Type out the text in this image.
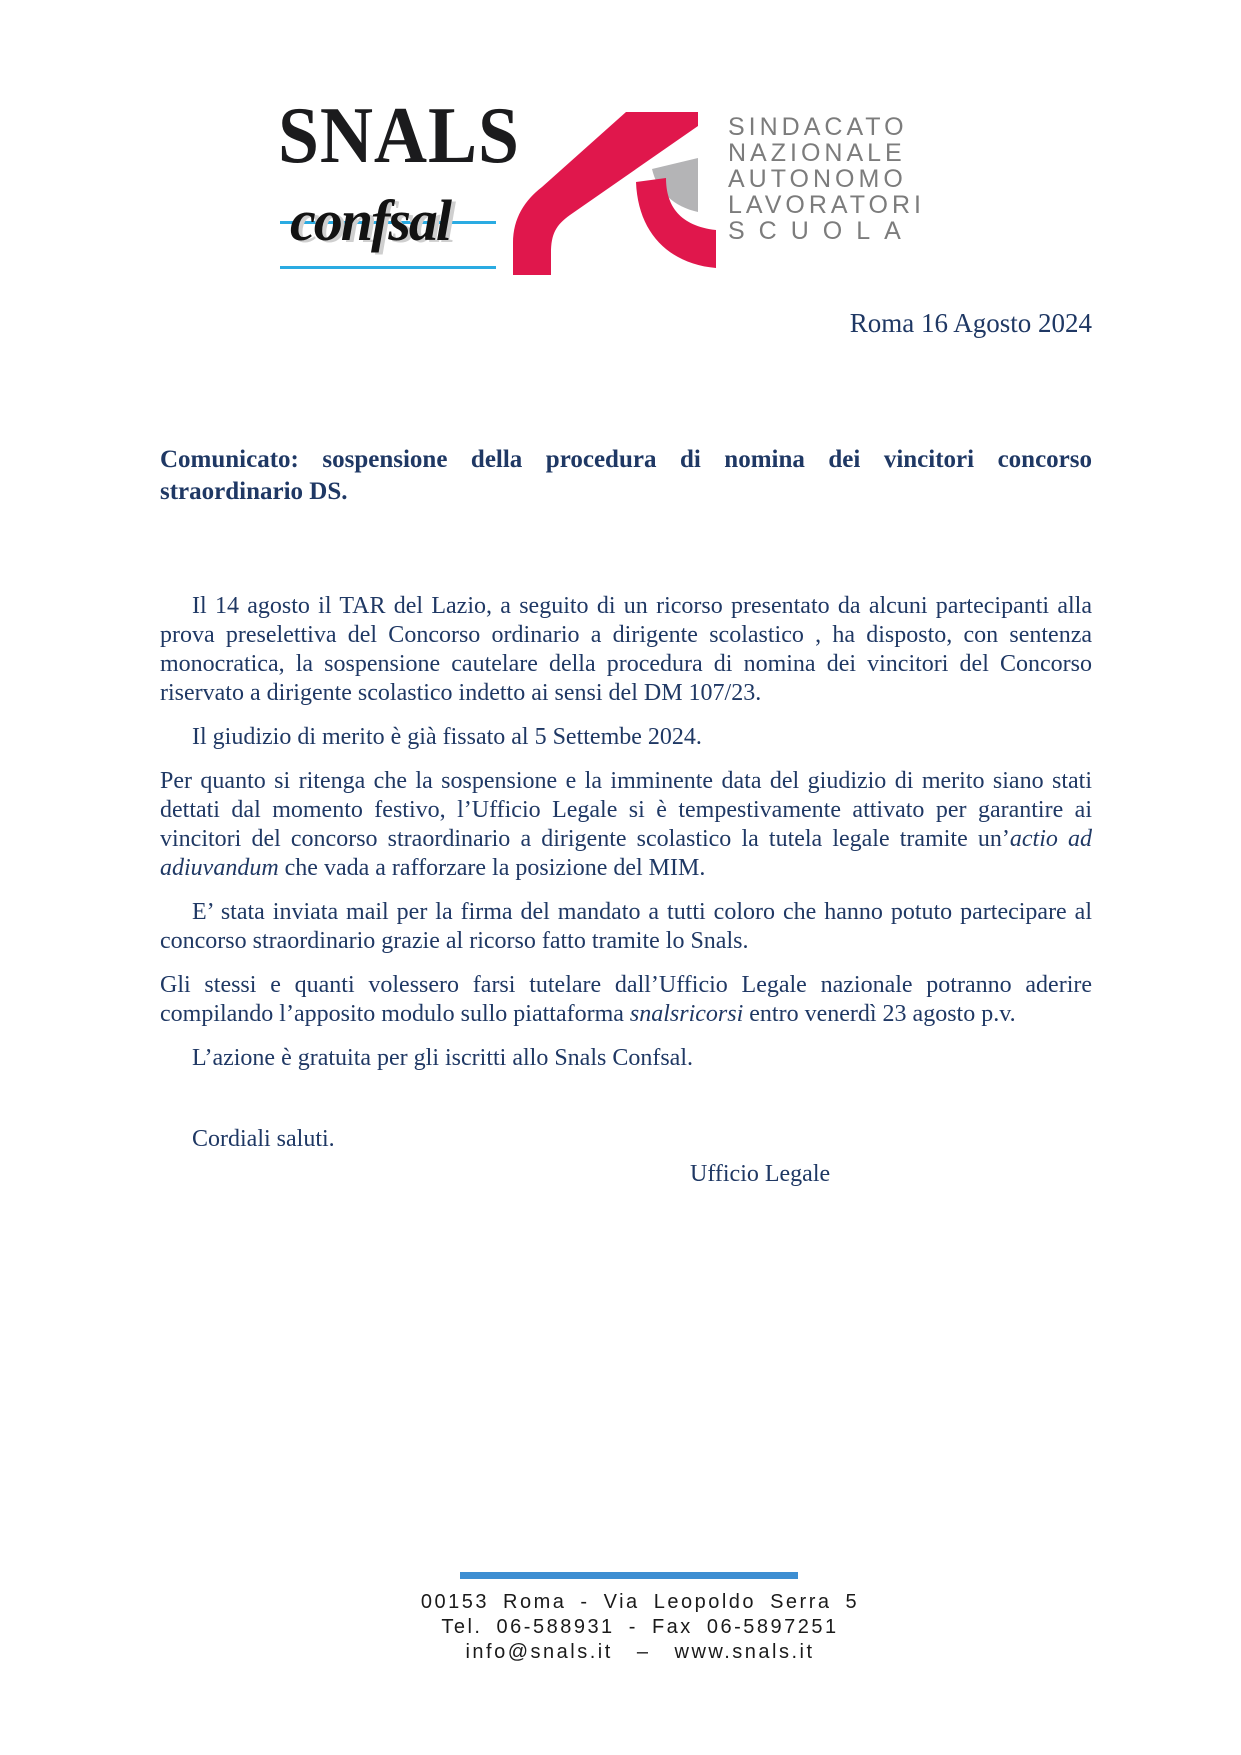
SNALS
confsal
SINDACATO
NAZIONALE
AUTONOMO
LAVORATORI
SCUOLA
Roma 16 Agosto 2024

Comunicato: sospensione della procedura di nomina dei vincitori concorso straordinario DS.

Il 14 agosto il TAR del Lazio, a seguito di un ricorso presentato da alcuni partecipanti alla prova preselettiva del Concorso ordinario a dirigente scolastico , ha disposto, con sentenza monocratica, la sospensione cautelare della procedura di nomina dei vincitori del Concorso riservato a dirigente scolastico indetto ai sensi del DM 107/23.

Il giudizio di merito è già fissato al 5 Settembe 2024.

Per quanto si ritenga che la sospensione e la imminente data del giudizio di merito siano stati dettati dal momento festivo, l’Ufficio Legale si è tempestivamente attivato per garantire ai vincitori del concorso straordinario a dirigente scolastico la tutela legale tramite un’actio ad adiuvandum che vada a rafforzare la posizione del MIM.

E’ stata inviata mail per la firma del mandato a tutti coloro che hanno potuto partecipare al concorso straordinario grazie al ricorso fatto tramite lo Snals.

Gli stessi e quanti volessero farsi tutelare dall’Ufficio Legale nazionale potranno aderire compilando l’apposito modulo sullo piattaforma snalsricorsi entro venerdì 23 agosto p.v.

L’azione è gratuita per gli iscritti allo Snals Confsal.

Cordiali saluti.

Ufficio Legale

00153 Roma - Via Leopoldo Serra 5
Tel. 06-588931 - Fax 06-5897251
info@snals.it – www.snals.it
